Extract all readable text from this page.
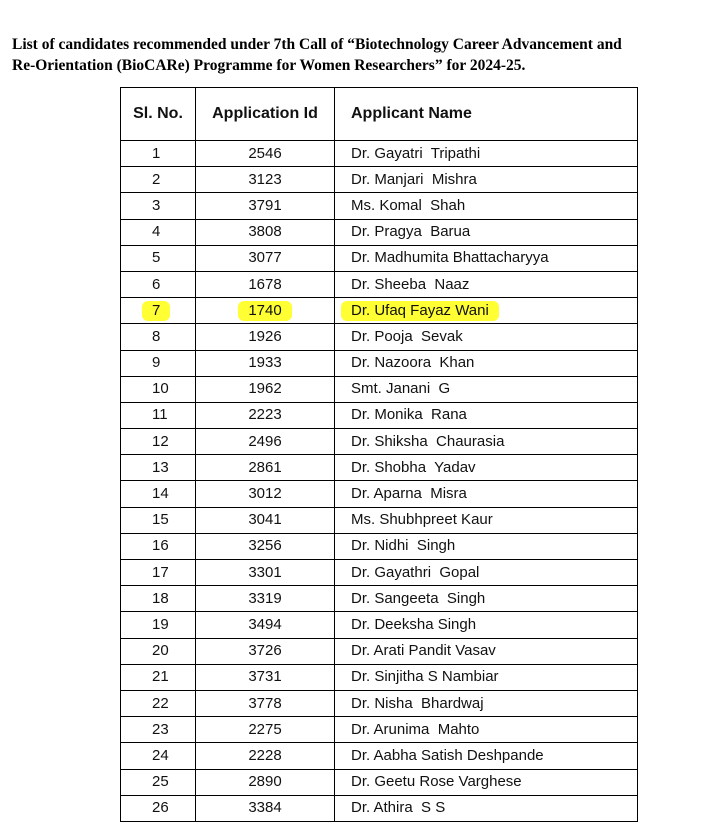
List of candidates recommended under 7th Call of “Biotechnology Career Advancement and
Re-Orientation (BioCARe) Programme for Women Researchers” for 2024-25.
Sl. No.	Application Id	Applicant Name
1	2546	Dr. Gayatri  Tripathi
2	3123	Dr. Manjari  Mishra
3	3791	Ms. Komal  Shah
4	3808	Dr. Pragya  Barua
5	3077	Dr. Madhumita Bhattacharyya
6	1678	Dr. Sheeba  Naaz
7	1740	Dr. Ufaq Fayaz Wani
8	1926	Dr. Pooja  Sevak
9	1933	Dr. Nazoora  Khan
10	1962	Smt. Janani  G
11	2223	Dr. Monika  Rana
12	2496	Dr. Shiksha  Chaurasia
13	2861	Dr. Shobha  Yadav
14	3012	Dr. Aparna  Misra
15	3041	Ms. Shubhpreet Kaur
16	3256	Dr. Nidhi  Singh
17	3301	Dr. Gayathri  Gopal
18	3319	Dr. Sangeeta  Singh
19	3494	Dr. Deeksha Singh
20	3726	Dr. Arati Pandit Vasav
21	3731	Dr. Sinjitha S Nambiar
22	3778	Dr. Nisha  Bhardwaj
23	2275	Dr. Arunima  Mahto
24	2228	Dr. Aabha Satish Deshpande
25	2890	Dr. Geetu Rose Varghese
26	3384	Dr. Athira  S S
